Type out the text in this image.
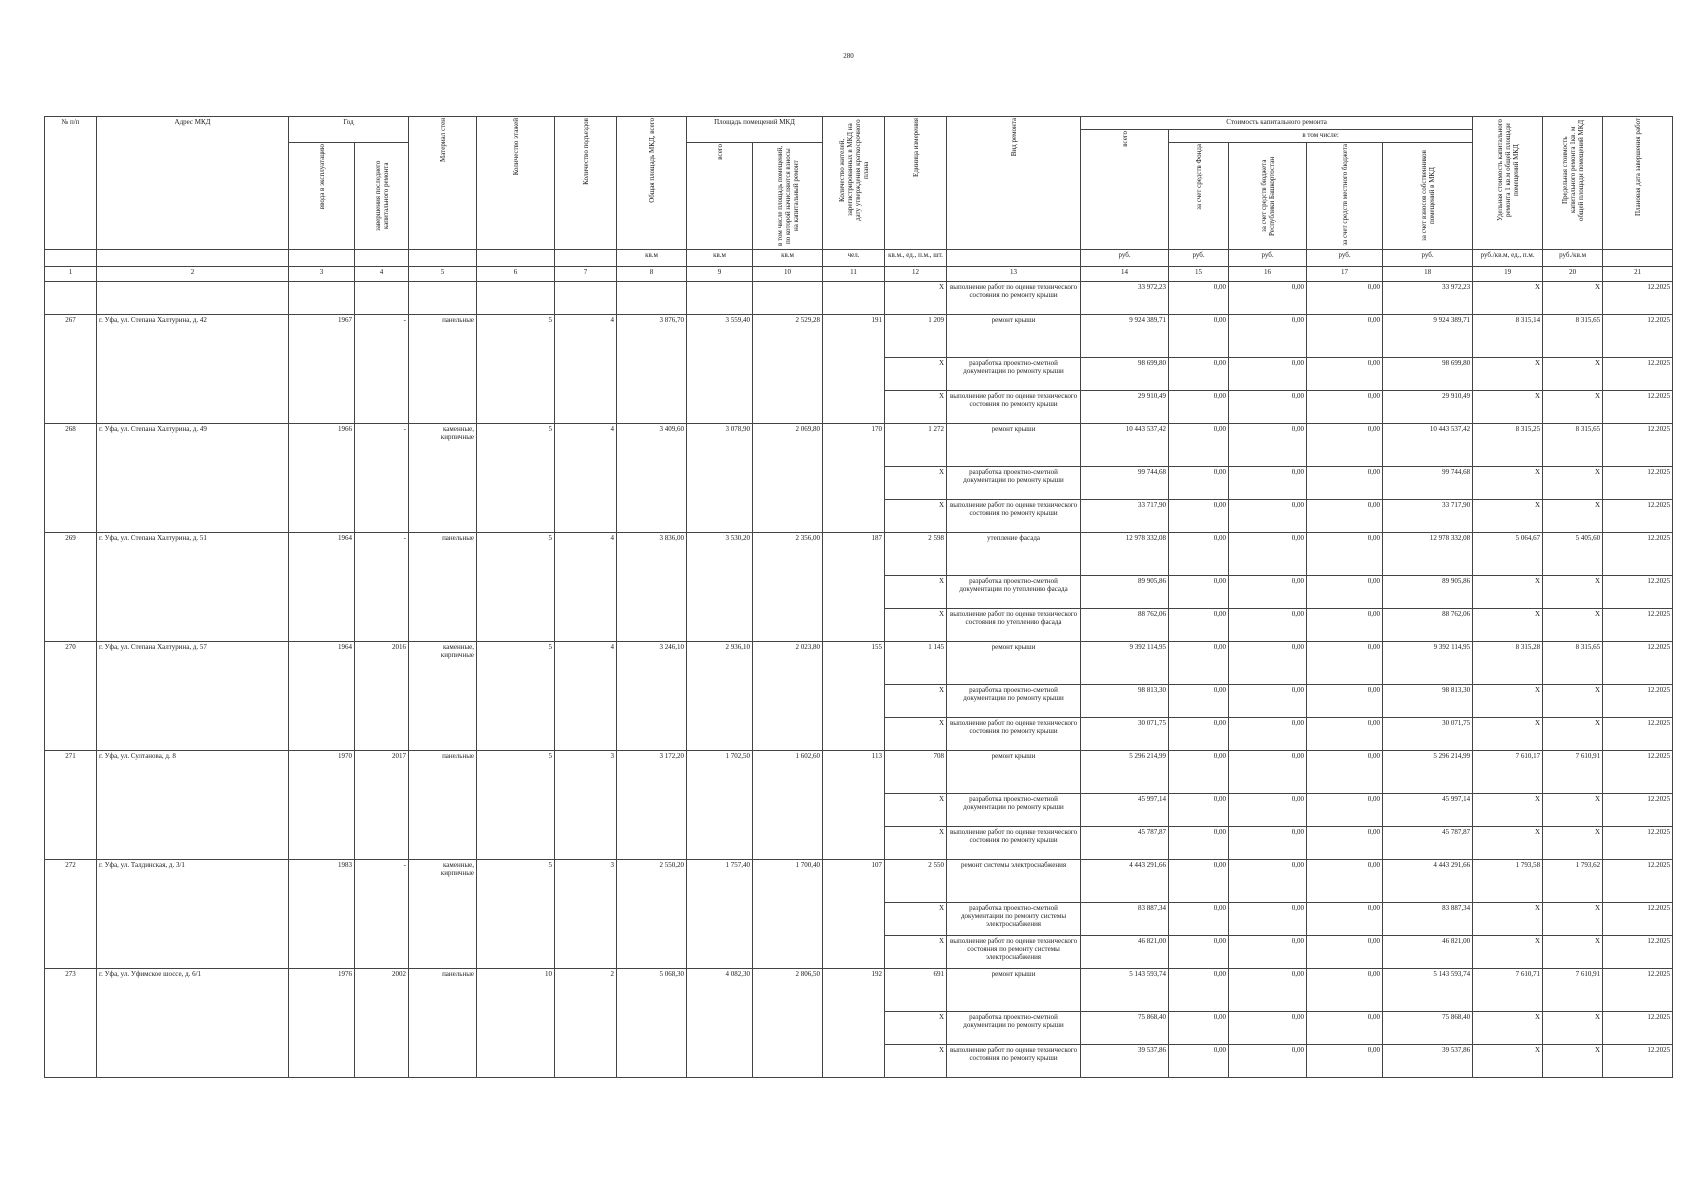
280
№ п/п	Адрес МКД	Год		Материал стен	Количество этажей	Количество подъездов	Общая площадь МКД, всего	Площадь помещений МКД		Количество жителей, зарегистрированных в МКД на дату утверждения краткосрочного плана	Единица измерения	Вид ремонта	Стоимость капитального ремонта					Удельная стоимость капитального ремонта 1 кв.м общей площади помещений МКД	Предельная стоимость капитального ремонта 1кв. м общей площади помещений МКД	Плановая дата завершения работ

													всего	в том числе:						

		ввода в эксплуатацию	завершения последнего капитального ремонта					всего	в том числе площадь помещений, по которой начисляются взносы на капитальный ремонт					за счет средств Фонда	за счет средств бюджета Республики Башкортостан	за счет средств местного бюджета	за счет взносов собственников помещений в МКД			

							кв.м	кв.м	кв.м	чел.	кв.м., ед., п.м., шт.		руб.	руб.	руб.	руб.	руб.	руб./кв.м, ед., п.м.	руб./кв.м	
1	2	3	4	5	6	7	8	9	10	11	12	13	14	15	16	17	18	19	20	21
											X	выполнение работ по оценке технического состояния по ремонту крыши	33 972,23	0,00	0,00	0,00	33 972,23	X	X	12.2025
267	г. Уфа, ул. Степана Халтурина, д. 42	1967	-	панельные	5	4	3 876,70	3 559,40	2 529,28	191	1 209	ремонт крыши	9 924 389,71	0,00	0,00	0,00	9 924 389,71	8 315,14	8 315,65	12.2025
											X	разработка проектно-сметной документации по ремонту крыши	98 699,80	0,00	0,00	0,00	98 699,80	X	X	12.2025
											X	выполнение работ по оценке технического состояния по ремонту крыши	29 910,49	0,00	0,00	0,00	29 910,49	X	X	12.2025
268	г. Уфа, ул. Степана Халтурина, д. 49	1966	-	каменные, кирпичные	5	4	3 409,60	3 078,90	2 069,80	170	1 272	ремонт крыши	10 443 537,42	0,00	0,00	0,00	10 443 537,42	8 315,25	8 315,65	12.2025
											X	разработка проектно-сметной документации по ремонту крыши	99 744,68	0,00	0,00	0,00	99 744,68	X	X	12.2025
											X	выполнение работ по оценке технического состояния по ремонту крыши	33 717,90	0,00	0,00	0,00	33 717,90	X	X	12.2025
269	г. Уфа, ул. Степана Халтурина, д. 51	1964	-	панельные	5	4	3 836,00	3 530,20	2 356,00	187	2 598	утепление фасада	12 978 332,08	0,00	0,00	0,00	12 978 332,08	5 064,67	5 405,60	12.2025
											X	разработка проектно-сметной документации по утеплению фасада	89 905,86	0,00	0,00	0,00	89 905,86	X	X	12.2025
											X	выполнение работ по оценке технического состояния по утеплению фасада	88 762,06	0,00	0,00	0,00	88 762,06	X	X	12.2025
270	г. Уфа, ул. Степана Халтурина, д. 57	1964	2016	каменные, кирпичные	5	4	3 246,10	2 936,10	2 023,80	155	1 145	ремонт крыши	9 392 114,95	0,00	0,00	0,00	9 392 114,95	8 315,28	8 315,65	12.2025
											X	разработка проектно-сметной документации по ремонту крыши	98 813,30	0,00	0,00	0,00	98 813,30	X	X	12.2025
											X	выполнение работ по оценке технического состояния по ремонту крыши	30 071,75	0,00	0,00	0,00	30 071,75	X	X	12.2025
271	г. Уфа, ул. Султанова, д. 8	1970	2017	панельные	5	3	3 172,20	1 702,50	1 602,60	113	708	ремонт крыши	5 296 214,99	0,00	0,00	0,00	5 296 214,99	7 610,17	7 610,91	12.2025
											X	разработка проектно-сметной документации по ремонту крыши	45 997,14	0,00	0,00	0,00	45 997,14	X	X	12.2025
											X	выполнение работ по оценке технического состояния по ремонту крыши	45 787,87	0,00	0,00	0,00	45 787,87	X	X	12.2025
272	г. Уфа, ул. Талдинская, д. 3/1	1983	-	каменные, кирпичные	5	3	2 550,20	1 757,40	1 700,40	107	2 550	ремонт системы электроснабжения	4 443 291,66	0,00	0,00	0,00	4 443 291,66	1 793,58	1 793,62	12.2025
											X	разработка проектно-сметной документации по ремонту системы электроснабжения	83 887,34	0,00	0,00	0,00	83 887,34	X	X	12.2025
											X	выполнение работ по оценке технического состояния по ремонту системы электроснабжения	46 821,00	0,00	0,00	0,00	46 821,00	X	X	12.2025
273	г. Уфа, ул. Уфимское шоссе, д. 6/1	1976	2002	панельные	10	2	5 068,30	4 082,30	2 806,50	192	691	ремонт крыши	5 143 593,74	0,00	0,00	0,00	5 143 593,74	7 610,71	7 610,91	12.2025
											X	разработка проектно-сметной документации по ремонту крыши	75 868,40	0,00	0,00	0,00	75 868,40	X	X	12.2025
											X	выполнение работ по оценке технического состояния по ремонту крыши	39 537,86	0,00	0,00	0,00	39 537,86	X	X	12.2025
